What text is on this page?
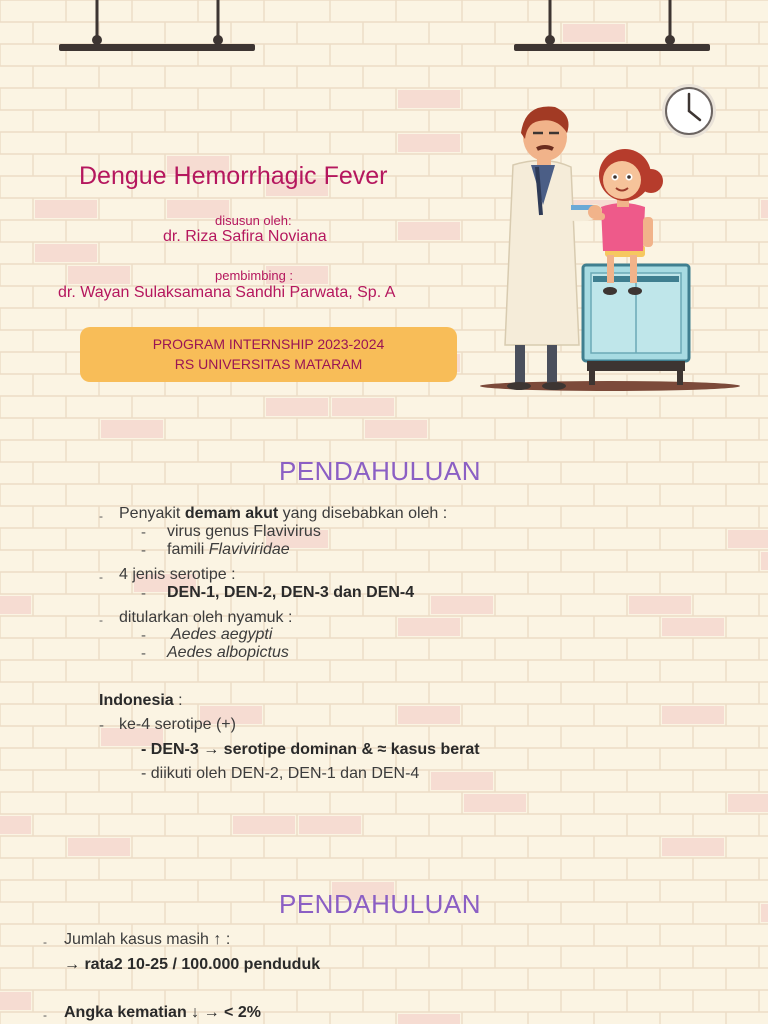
Dengue Hemorrhagic Fever
disusun oleh:
dr. Riza Safira Noviana
pembimbing :
dr. Wayan Sulaksamana Sandhi Parwata, Sp. A
PROGRAM INTERNSHIP 2023-2024
RS UNIVERSITAS MATARAM
PENDAHULUAN
- Penyakit demam akut yang disebabkan oleh :
- virus genus Flavivirus
- famili Flaviviridae
- 4 jenis serotipe :
- DEN-1, DEN-2, DEN-3 dan DEN-4
- ditularkan oleh nyamuk :
- Aedes aegypti
- Aedes albopictus
Indonesia :
- ke-4 serotipe (+)
- DEN-3 → serotipe dominan & ≈ kasus berat
- diikuti oleh DEN-2, DEN-1 dan DEN-4
PENDAHULUAN
- Jumlah kasus masih ↑ :
→ rata2 10-25 / 100.000 penduduk
- Angka kematian ↓ → < 2%
